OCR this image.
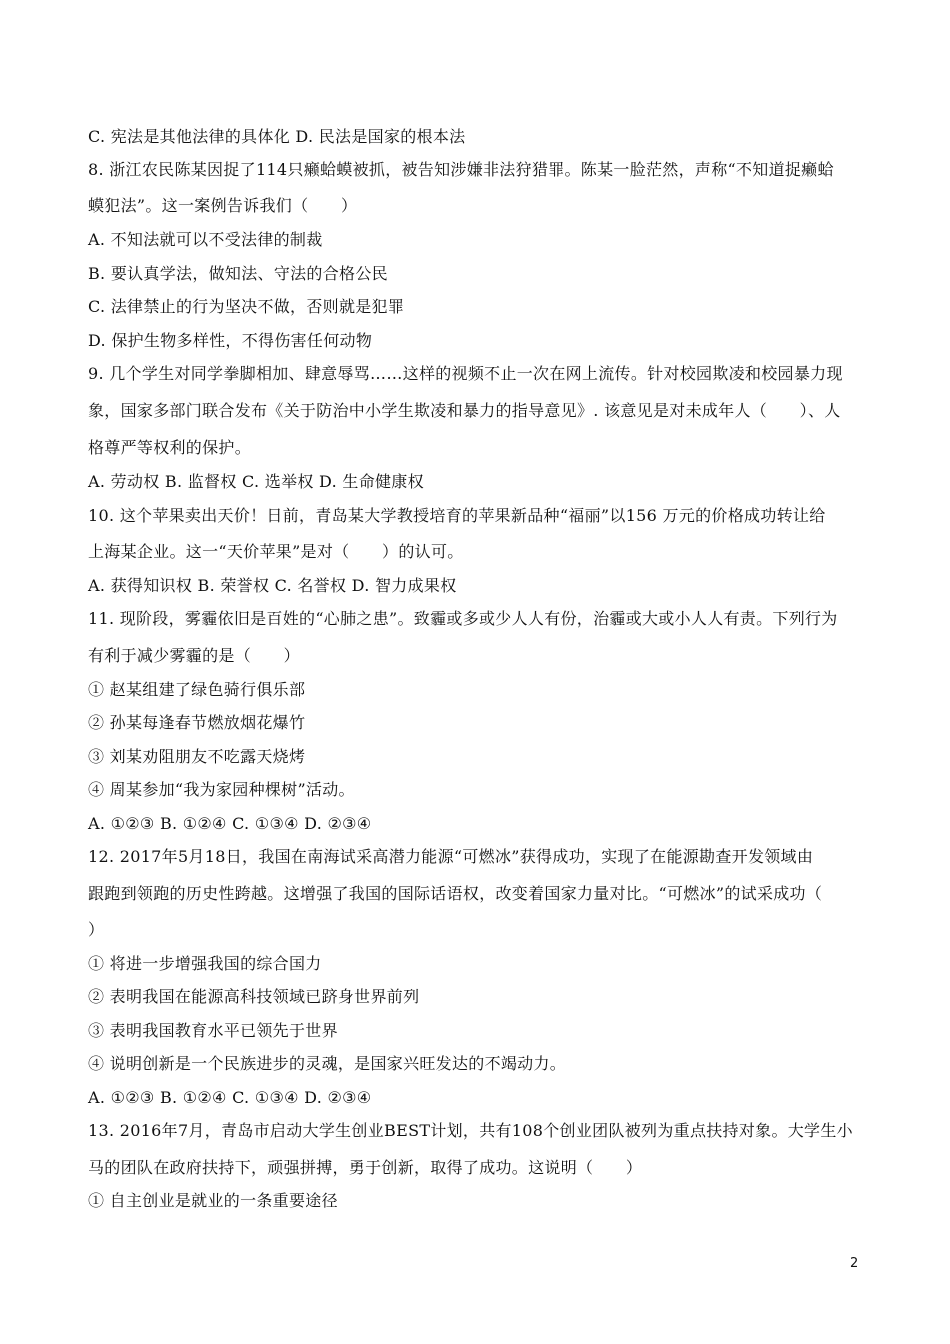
C. 宪法是其他法律的具体化 D. 民法是国家的根本法
8. 浙江农民陈某因捉了114只癞蛤蟆被抓，被告知涉嫌非法狩猎罪。陈某一脸茫然，声称“不知道捉癞蛤
蟆犯法”。这一案例告诉我们（　　）
A. 不知法就可以不受法律的制裁
B. 要认真学法，做知法、守法的合格公民
C. 法律禁止的行为坚决不做，否则就是犯罪
D. 保护生物多样性，不得伤害任何动物
9. 几个学生对同学拳脚相加、肆意辱骂……这样的视频不止一次在网上流传。针对校园欺凌和校园暴力现
象，国家多部门联合发布《关于防治中小学生欺凌和暴力的指导意见》. 该意见是对未成年人（　　）、人
格尊严等权利的保护。
A. 劳动权 B. 监督权 C. 选举权 D. 生命健康权
10. 这个苹果卖出天价！日前，青岛某大学教授培育的苹果新品种“福丽”以156 万元的价格成功转让给
上海某企业。这一“天价苹果”是对（　　）的认可。
A. 获得知识权 B. 荣誉权 C. 名誉权 D. 智力成果权
11. 现阶段，雾霾依旧是百姓的“心肺之患”。致霾或多或少人人有份，治霾或大或小人人有责。下列行为
有利于减少雾霾的是（　　）
① 赵某组建了绿色骑行俱乐部
② 孙某每逢春节燃放烟花爆竹
③ 刘某劝阻朋友不吃露天烧烤
④ 周某参加“我为家园种棵树”活动。
A. ①②③ B. ①②④ C. ①③④ D. ②③④
12. 2017年5月18日，我国在南海试采高潜力能源“可燃冰”获得成功，实现了在能源勘查开发领域由
跟跑到领跑的历史性跨越。这增强了我国的国际话语权，改变着国家力量对比。“可燃冰”的试采成功（
）
① 将进一步增强我国的综合国力
② 表明我国在能源高科技领域已跻身世界前列
③ 表明我国教育水平已领先于世界
④ 说明创新是一个民族进步的灵魂，是国家兴旺发达的不竭动力。
A. ①②③ B. ①②④ C. ①③④ D. ②③④
13. 2016年7月，青岛市启动大学生创业BEST计划，共有108个创业团队被列为重点扶持对象。大学生小
马的团队在政府扶持下，顽强拼搏，勇于创新，取得了成功。这说明（　　）
① 自主创业是就业的一条重要途径
2
